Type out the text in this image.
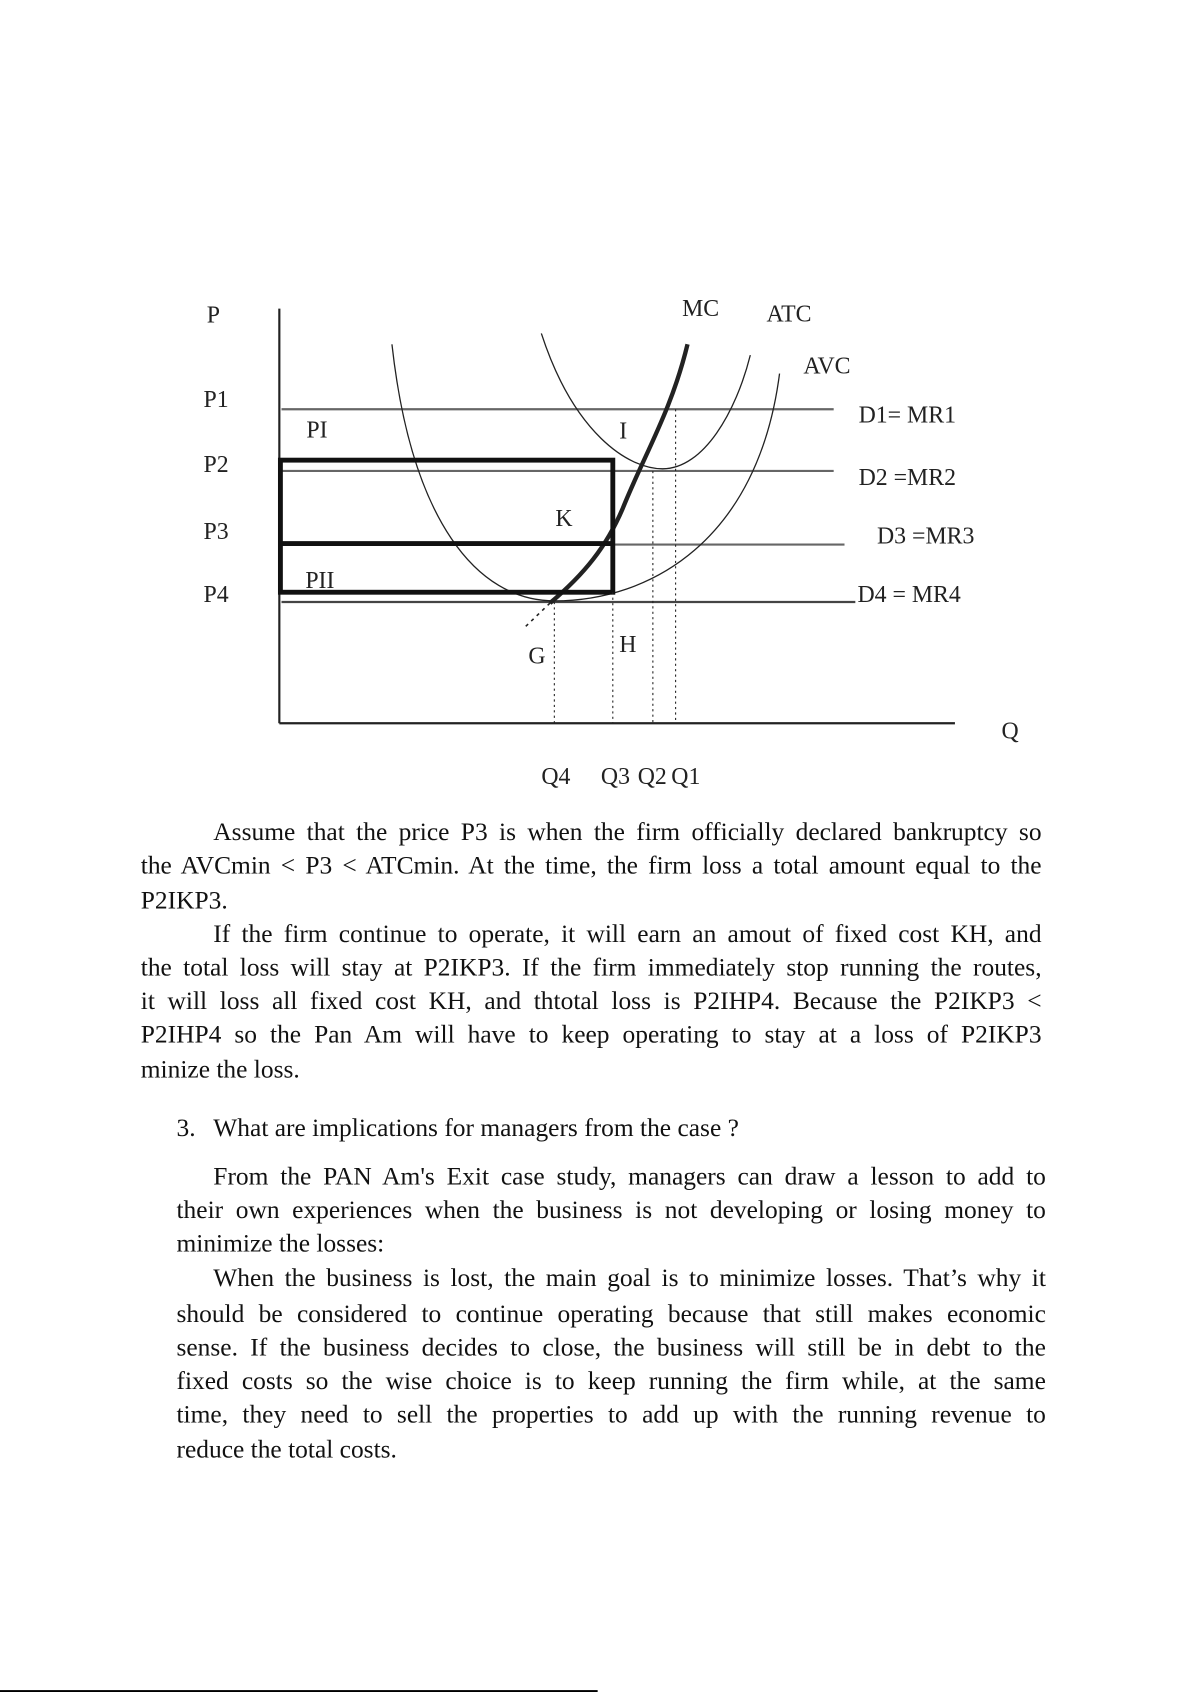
P
Q
P1
P2
P3
P4
MC ATC
AVC
D1= MR1
D2 =MR2
D3 =MR3
D4 = MR4
I
K
G	H
PI
PII
Q4 Q3 Q2 Q1
Assume that the price P3 is when the firm officially declared bankruptcy so
the AVCmin < P3 < ATCmin. At the time, the firm loss a total amount equal to the
P2IKP3.
If the firm continue to operate, it will earn an amout of fixed cost KH, and
the total loss will stay at P2IKP3. If the firm immediately stop running the routes,
it will loss all fixed cost KH, and thtotal loss is P2IHP4. Because the P2IKP3 <
P2IHP4 so the Pan Am will have to keep operating to stay at a loss of P2IKP3
minize the loss.
From the PAN Am's Exit case study, managers can draw a lesson to add to
their own experiences when the business is not developing or losing money to
minimize the losses:
When the business is lost, the main goal is to minimize losses. That’s why it
should be considered to continue operating because that still makes economic
sense. If the business decides to close, the business will still be in debt to the
fixed costs so the wise choice is to keep running the firm while, at the same
time, they need to sell the properties to add up with the running revenue to
reduce the total costs.
3. What are implications for managers from the case ?
